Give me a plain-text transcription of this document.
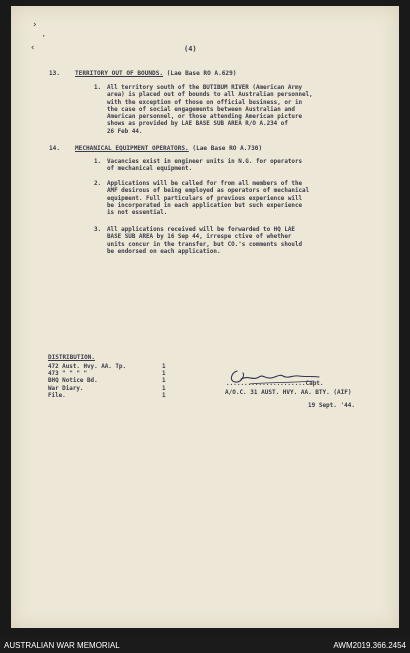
›
·
‹	(4)
13. TERRITORY OUT OF BOUNDS. (Lae Base RO A.629)
1. All territory south of the BUTIBUM RIVER (American Army
area) is placed out of bounds to all Australian personnel,
with the exception of those on official business, or in
the case of social engagements between Australian and
American personnel, or those attending American picture
shows as provided by LAE BASE SUB AREA R/O A.234 of
26 Feb 44.
14. MECHANICAL EQUIPMENT OPERATORS. (Lae Base RO A.730)
1. Vacancies exist in engineer units in N.G. for operators
of mechanical equipment.
2. Applications will be called for from all members of the
AMF desirous of being employed as operators of mechanical
equipment. Full particulars of previous experience will
be incorporated in each application but such experience
is not essential.
3. All applications received will be forwarded to HQ LAE
BASE SUB AREA by 16 Sep 44, irrespe ctive of whether
units concur in the transfer, but CO.'s comments should
be endorsed on each application.
DISTRIBUTION.
472 Aust. Hvy. AA. Tp.	1
473 " " " "	1
BHQ Notice Bd.	1
War Diary.	1
File.	1
......................Capt.
A/O.C. 31 AUST. HVY. AA. BTY. (AIF)
19 Sept. '44.
AUSTRALIAN WAR MEMORIAL	AWM2019.366.2454
